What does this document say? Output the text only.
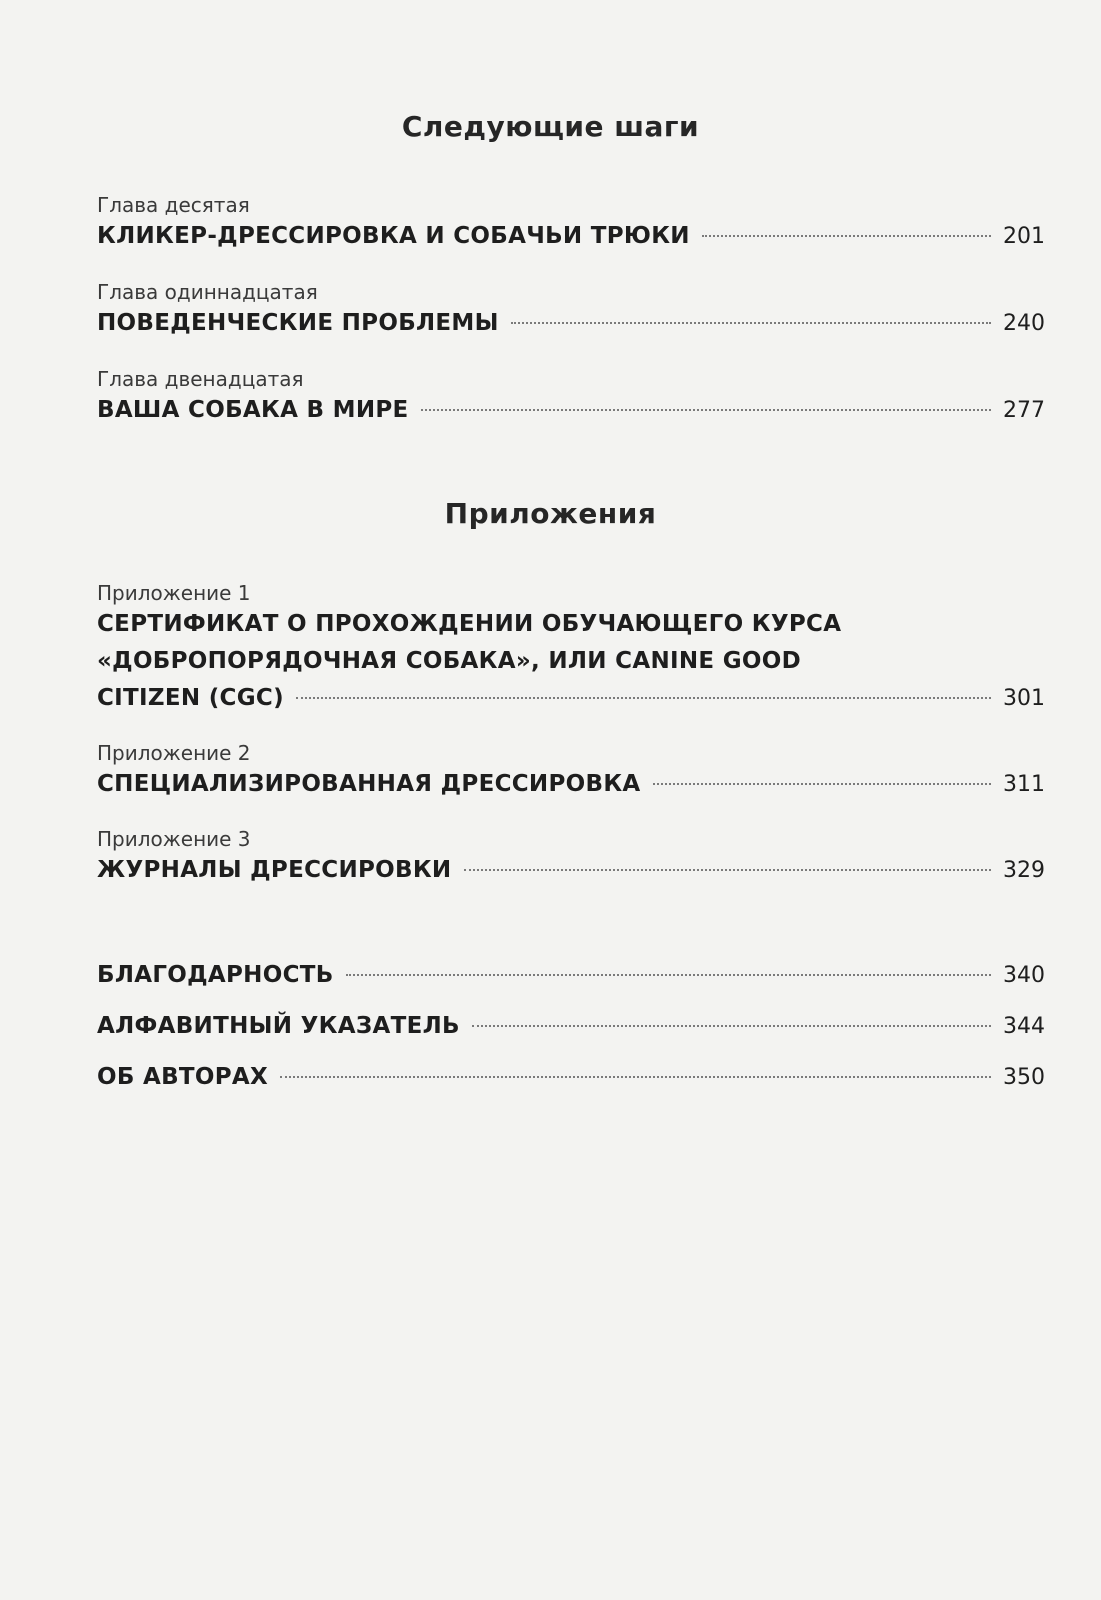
Следующие шаги
Глава десятая
КЛИКЕР-ДРЕССИРОВКА И СОБАЧЬИ ТРЮКИ	201
Глава одиннадцатая
ПОВЕДЕНЧЕСКИЕ ПРОБЛЕМЫ	240
Глава двенадцатая
ВАША СОБАКА В МИРЕ	277
Приложения
Приложение 1
СЕРТИФИКАТ О ПРОХОЖДЕНИИ ОБУЧАЮЩЕГО КУРСА
«ДОБРОПОРЯДОЧНАЯ СОБАКА», ИЛИ CANINE GOOD
CITIZEN (CGC)	301
Приложение 2
СПЕЦИАЛИЗИРОВАННАЯ ДРЕССИРОВКА	311
Приложение 3
ЖУРНАЛЫ ДРЕССИРОВКИ	329
БЛАГОДАРНОСТЬ	340
АЛФАВИТНЫЙ УКАЗАТЕЛЬ	344
ОБ АВТОРАХ	350
